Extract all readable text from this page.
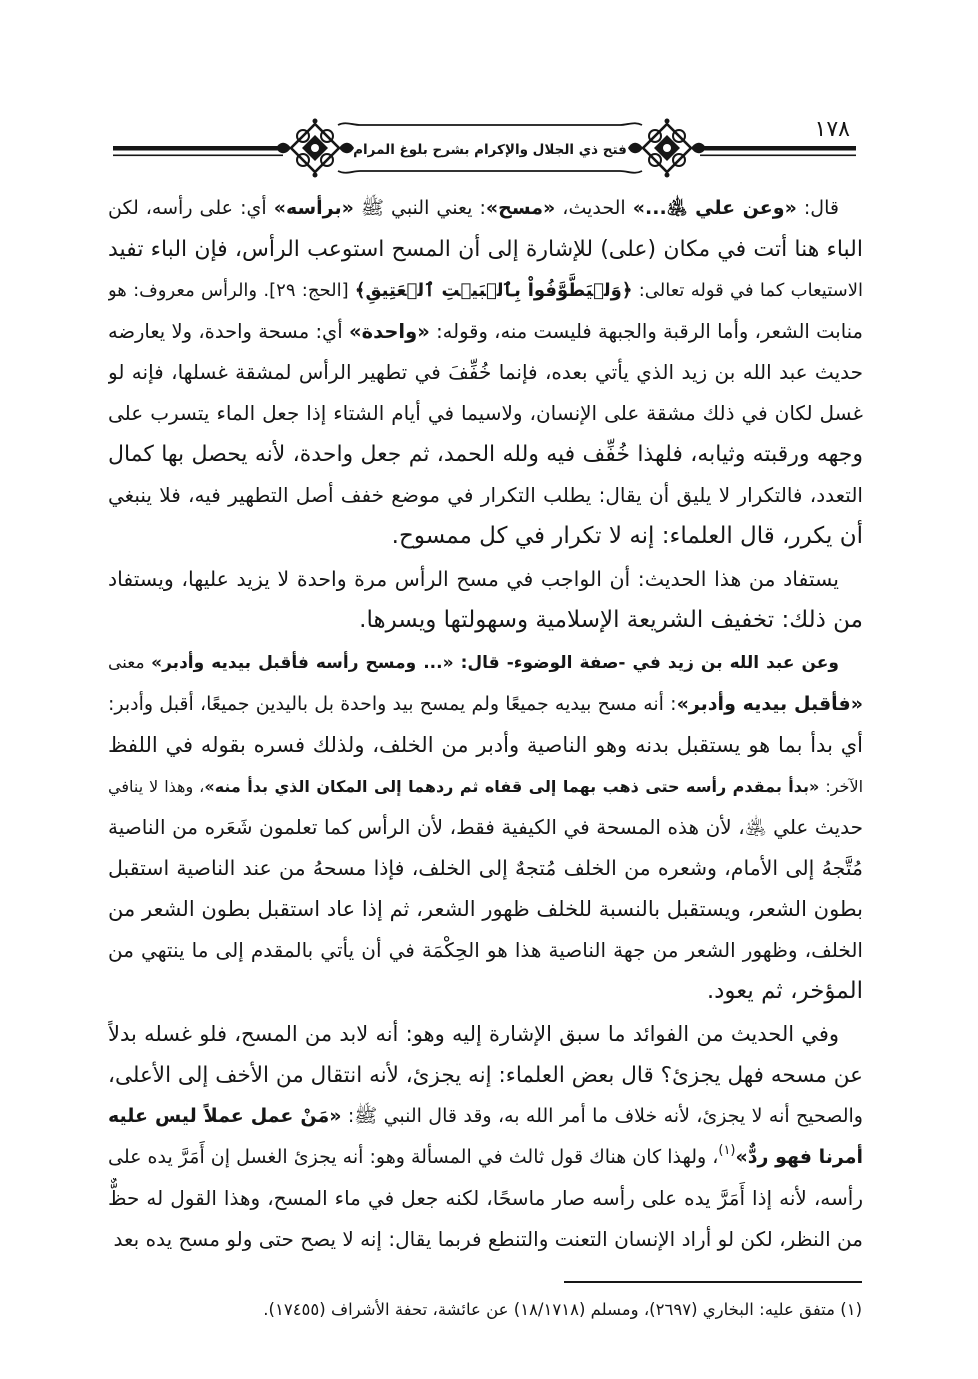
١٧٨
فتح ذي الجلال والإكرام بشرح بلوغ المرام
قال: «وعن علي ﵁...» الحديث، «مسح»: يعني النبي ﷺ «برأسه» أي: على رأسه، لكن
الباء هنا أتت في مكان (على) للإشارة إلى أن المسح استوعب الرأس، فإن الباء تفيد
الاستيعاب كما في قوله تعالى: ﴿وَلۡيَطَّوَّفُواْ بِٱلۡبَيۡتِ ٱلۡعَتِيقِ﴾ [الحج: ٢٩]. والرأس معروف: هو
منابت الشعر، وأما الرقبة والجبهة فليست منه، وقوله: «واحدة» أي: مسحة واحدة، ولا يعارضه
حديث عبد الله بن زيد الذي يأتي بعده، فإنما خُفِّفَ في تطهير الرأس لمشقة غسلها، فإنه لو
غسل لكان في ذلك مشقة على الإنسان، ولاسيما في أيام الشتاء إذا جعل الماء يتسرب على
وجهه ورقبته وثيابه، فلهذا خُفِّف فيه ولله الحمد، ثم جعل واحدة، لأنه يحصل بها كمال
التعدد، فالتكرار لا يليق أن يقال: يطلب التكرار في موضع خفف أصل التطهير فيه، فلا ينبغي
أن يكرر، قال العلماء: إنه لا تكرار في كل ممسوح.
يستفاد من هذا الحديث: أن الواجب في مسح الرأس مرة واحدة لا يزيد عليها، ويستفاد
من ذلك: تخفيف الشريعة الإسلامية وسهولتها ويسرها.
وعن عبد الله بن زيد في -صفة الوضوء- قال: «... ومسح رأسه فأقبل بيديه وأدبر» معنى
«فأقبل بيديه وأدبر»: أنه مسح بيديه جميعًا ولم يمسح بيد واحدة بل باليدين جميعًا، أقبل وأدبر:
أي بدأ بما هو يستقبل بدنه وهو الناصية وأدبر من الخلف، ولذلك فسره بقوله في اللفظ
الآخر: «بدأ بمقدم رأسه حتى ذهب بهما إلى قفاه ثم ردهما إلى المكان الذي بدأ منه»، وهذا لا ينافي
حديث علي ﵁، لأن هذه المسحة في الكيفية فقط، لأن الرأس كما تعلمون شَعَره من الناصية
مُتَّجهُ إلى الأمام، وشعره من الخلف مُتجهٌ إلى الخلف، فإذا مسحهُ من عند الناصية استقبل
بطون الشعر، ويستقبل بالنسبة للخلف ظهور الشعر، ثم إذا عاد استقبل بطون الشعر من
الخلف، وظهور الشعر من جهة الناصية هذا هو الحِكْمَة في أن يأتي بالمقدم إلى ما ينتهي من
المؤخر، ثم يعود.
وفي الحديث من الفوائد ما سبق الإشارة إليه وهو: أنه لابد من المسح، فلو غسله بدلاً
عن مسحه فهل يجزئ؟ قال بعض العلماء: إنه يجزئ، لأنه انتقال من الأخف إلى الأعلى،
والصحيح أنه لا يجزئ، لأنه خلاف ما أمر الله به، وقد قال النبي ﷺ: «مَنْ عمل عملاً ليس عليه
أمرنا فهو ردٌّ»$^{(١)}$، ولهذا كان هناك قول ثالث في المسألة وهو: أنه يجزئ الغسل إن أَمَرَّ يده على
رأسه، لأنه إذا أَمَرَّ يده على رأسه صار ماسحًا، لكنه جعل في ماء المسح، وهذا القول له حظٌّ
من النظر، لكن لو أراد الإنسان التعنت والتنطع فربما يقال: إنه لا يصح حتى ولو مسح يده بعد
(١) متفق عليه: البخاري (٢٦٩٧)، ومسلم (١٨/١٧١٨) عن عائشة، تحفة الأشراف (١٧٤٥٥).
